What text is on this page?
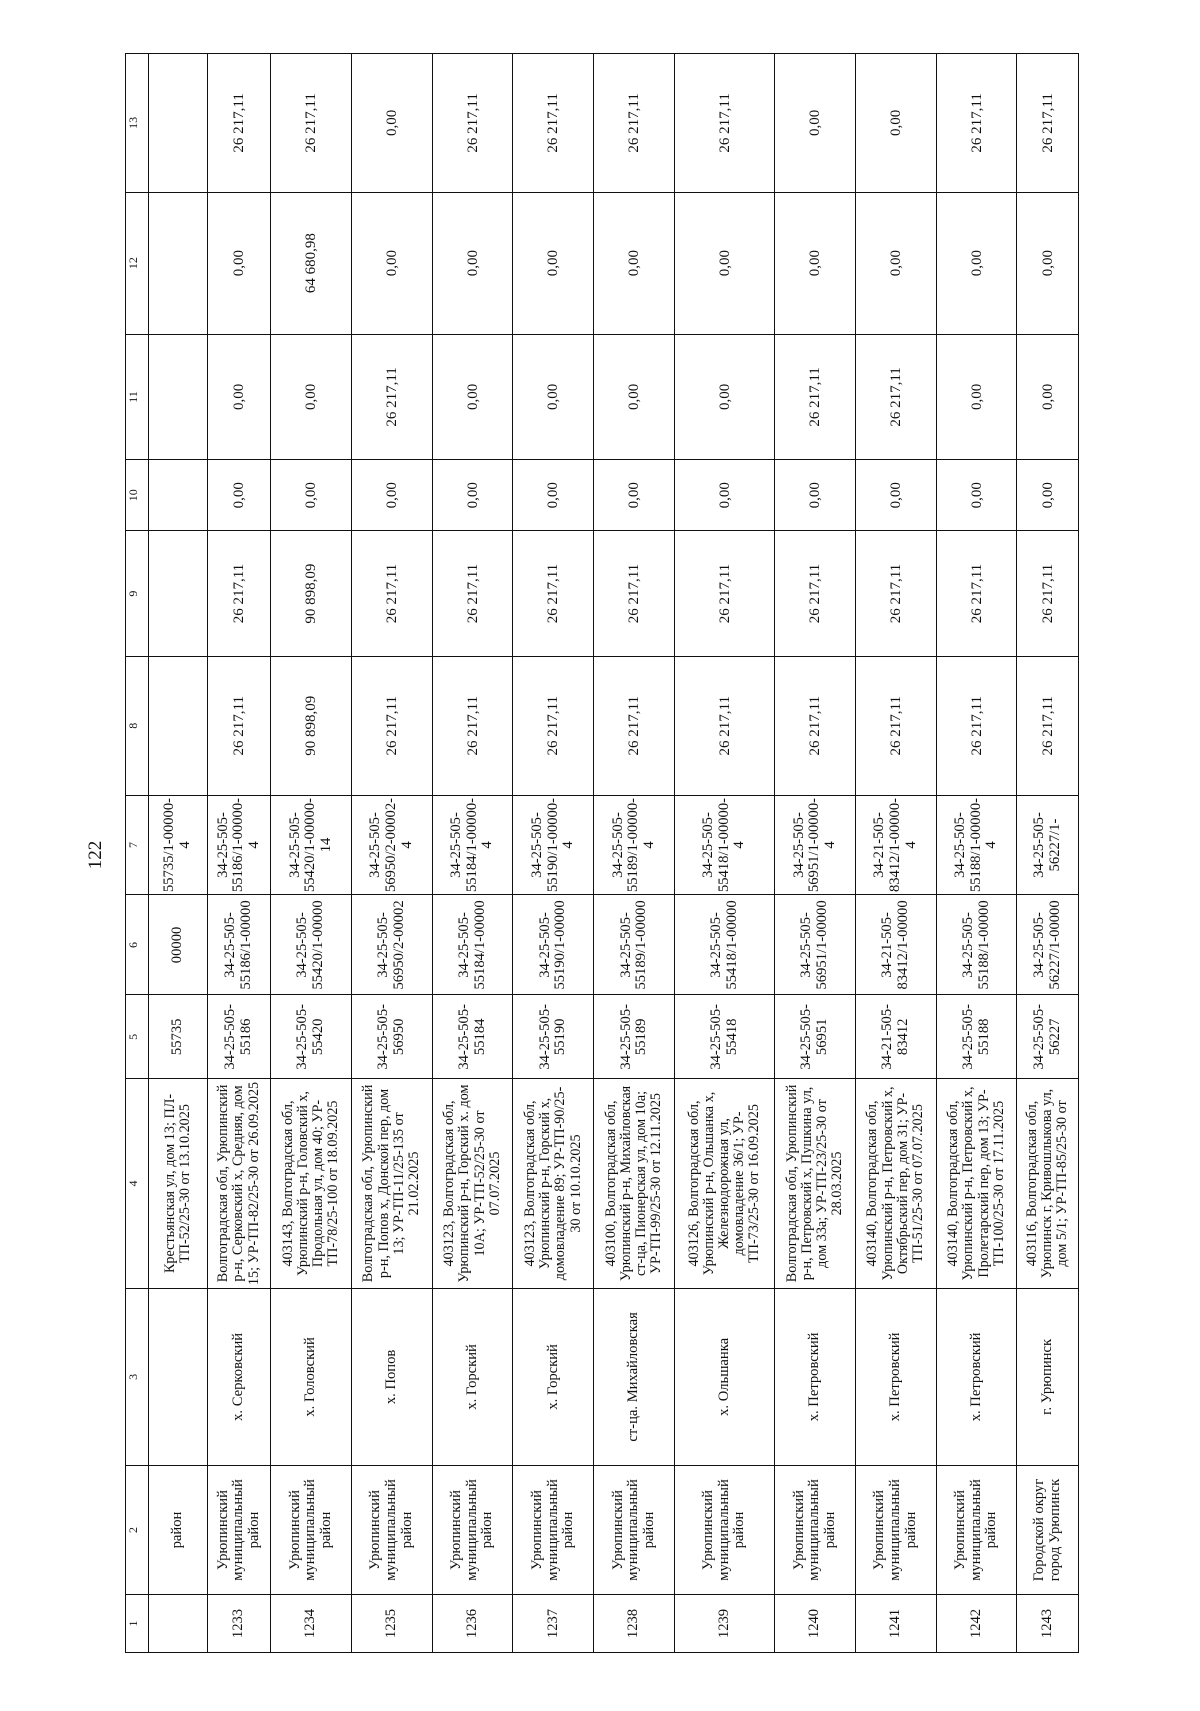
122
1	2	3	4	5	6	7	8	9	10	11	12	13
	район		Крестьянская ул, дом 13; ПЛ-ТП-52/25-30 от 13.10.2025	55735	00000	55735/1-00000-4						
1233	Урюпинский муниципальный район	х. Серковский	Волгоградская обл, Урюпинский р-н, Серковский х, Средняя, дом 15; УР-ТП-82/25-30 от 26.09.2025	34-25-505-55186	34-25-505-55186/1-00000	34-25-505-55186/1-00000-4	26 217,11	26 217,11	0,00	0,00	0,00	26 217,11
1234	Урюпинский муниципальный район	х. Головский	403143, Волгоградская обл, Урюпинский р-н, Головский х, Продольная ул, дом 40; УР-ТП-78/25-100 от 18.09.2025	34-25-505-55420	34-25-505-55420/1-00000	34-25-505-55420/1-00000-14	90 898,09	90 898,09	0,00	0,00	64 680,98	26 217,11
1235	Урюпинский муниципальный район	х. Попов	Волгоградская обл, Урюпинский р-н, Попов х, Донской пер, дом 13; УР-ТП-11/25-135 от 21.02.2025	34-25-505-56950	34-25-505-56950/2-00002	34-25-505-56950/2-00002-4	26 217,11	26 217,11	0,00	26 217,11	0,00	0,00
1236	Урюпинский муниципальный район	х. Горский	403123, Волгоградская обл, Урюпинский р-н, Горский х. дом 10А; УР-ТП-52/25-30 от 07.07.2025	34-25-505-55184	34-25-505-55184/1-00000	34-25-505-55184/1-00000-4	26 217,11	26 217,11	0,00	0,00	0,00	26 217,11
1237	Урюпинский муниципальный район	х. Горский	403123, Волгоградская обл, Урюпинский р-н, Горский х, домовладение 89; УР-ТП-90/25-30 от 10.10.2025	34-25-505-55190	34-25-505-55190/1-00000	34-25-505-55190/1-00000-4	26 217,11	26 217,11	0,00	0,00	0,00	26 217,11
1238	Урюпинский муниципальный район	ст-ца. Михайловская	403100, Волгоградская обл, Урюпинский р-н, Михайловская ст-ца, Пионерская ул, дом 10а; УР-ТП-99/25-30 от 12.11.2025	34-25-505-55189	34-25-505-55189/1-00000	34-25-505-55189/1-00000-4	26 217,11	26 217,11	0,00	0,00	0,00	26 217,11
1239	Урюпинский муниципальный район	х. Ольшанка	403126, Волгоградская обл, Урюпинский р-н, Ольшанка х, Железнодорожная ул, домовладение 36/1; УР-ТП-73/25-30 от 16.09.2025	34-25-505-55418	34-25-505-55418/1-00000	34-25-505-55418/1-00000-4	26 217,11	26 217,11	0,00	0,00	0,00	26 217,11
1240	Урюпинский муниципальный район	х. Петровский	Волгоградская обл, Урюпинский р-н, Петровский х, Пушкина ул, дом 33а; УР-ТП-23/25-30 от 28.03.2025	34-25-505-56951	34-25-505-56951/1-00000	34-25-505-56951/1-00000-4	26 217,11	26 217,11	0,00	26 217,11	0,00	0,00
1241	Урюпинский муниципальный район	х. Петровский	403140, Волгоградская обл, Урюпинский р-н, Петровский х, Октябрьский пер, дом 31; УР-ТП-51/25-30 от 07.07.2025	34-21-505-83412	34-21-505-83412/1-00000	34-21-505-83412/1-00000-4	26 217,11	26 217,11	0,00	26 217,11	0,00	0,00
1242	Урюпинский муниципальный район	х. Петровский	403140, Волгоградская обл, Урюпинский р-н, Петровский х, Пролетарский пер, дом 13; УР-ТП-100/25-30 от 17.11.2025	34-25-505-55188	34-25-505-55188/1-00000	34-25-505-55188/1-00000-4	26 217,11	26 217,11	0,00	0,00	0,00	26 217,11
1243	Городской округ город Урюпинск	г. Урюпинск	403116, Волгоградская обл, Урюпинск г, Кривошлыкова ул, дом 5/1; УР-ТП-85/25-30 от	34-25-505-56227	34-25-505-56227/1-00000	34-25-505-56227/1-	26 217,11	26 217,11	0,00	0,00	0,00	26 217,11
